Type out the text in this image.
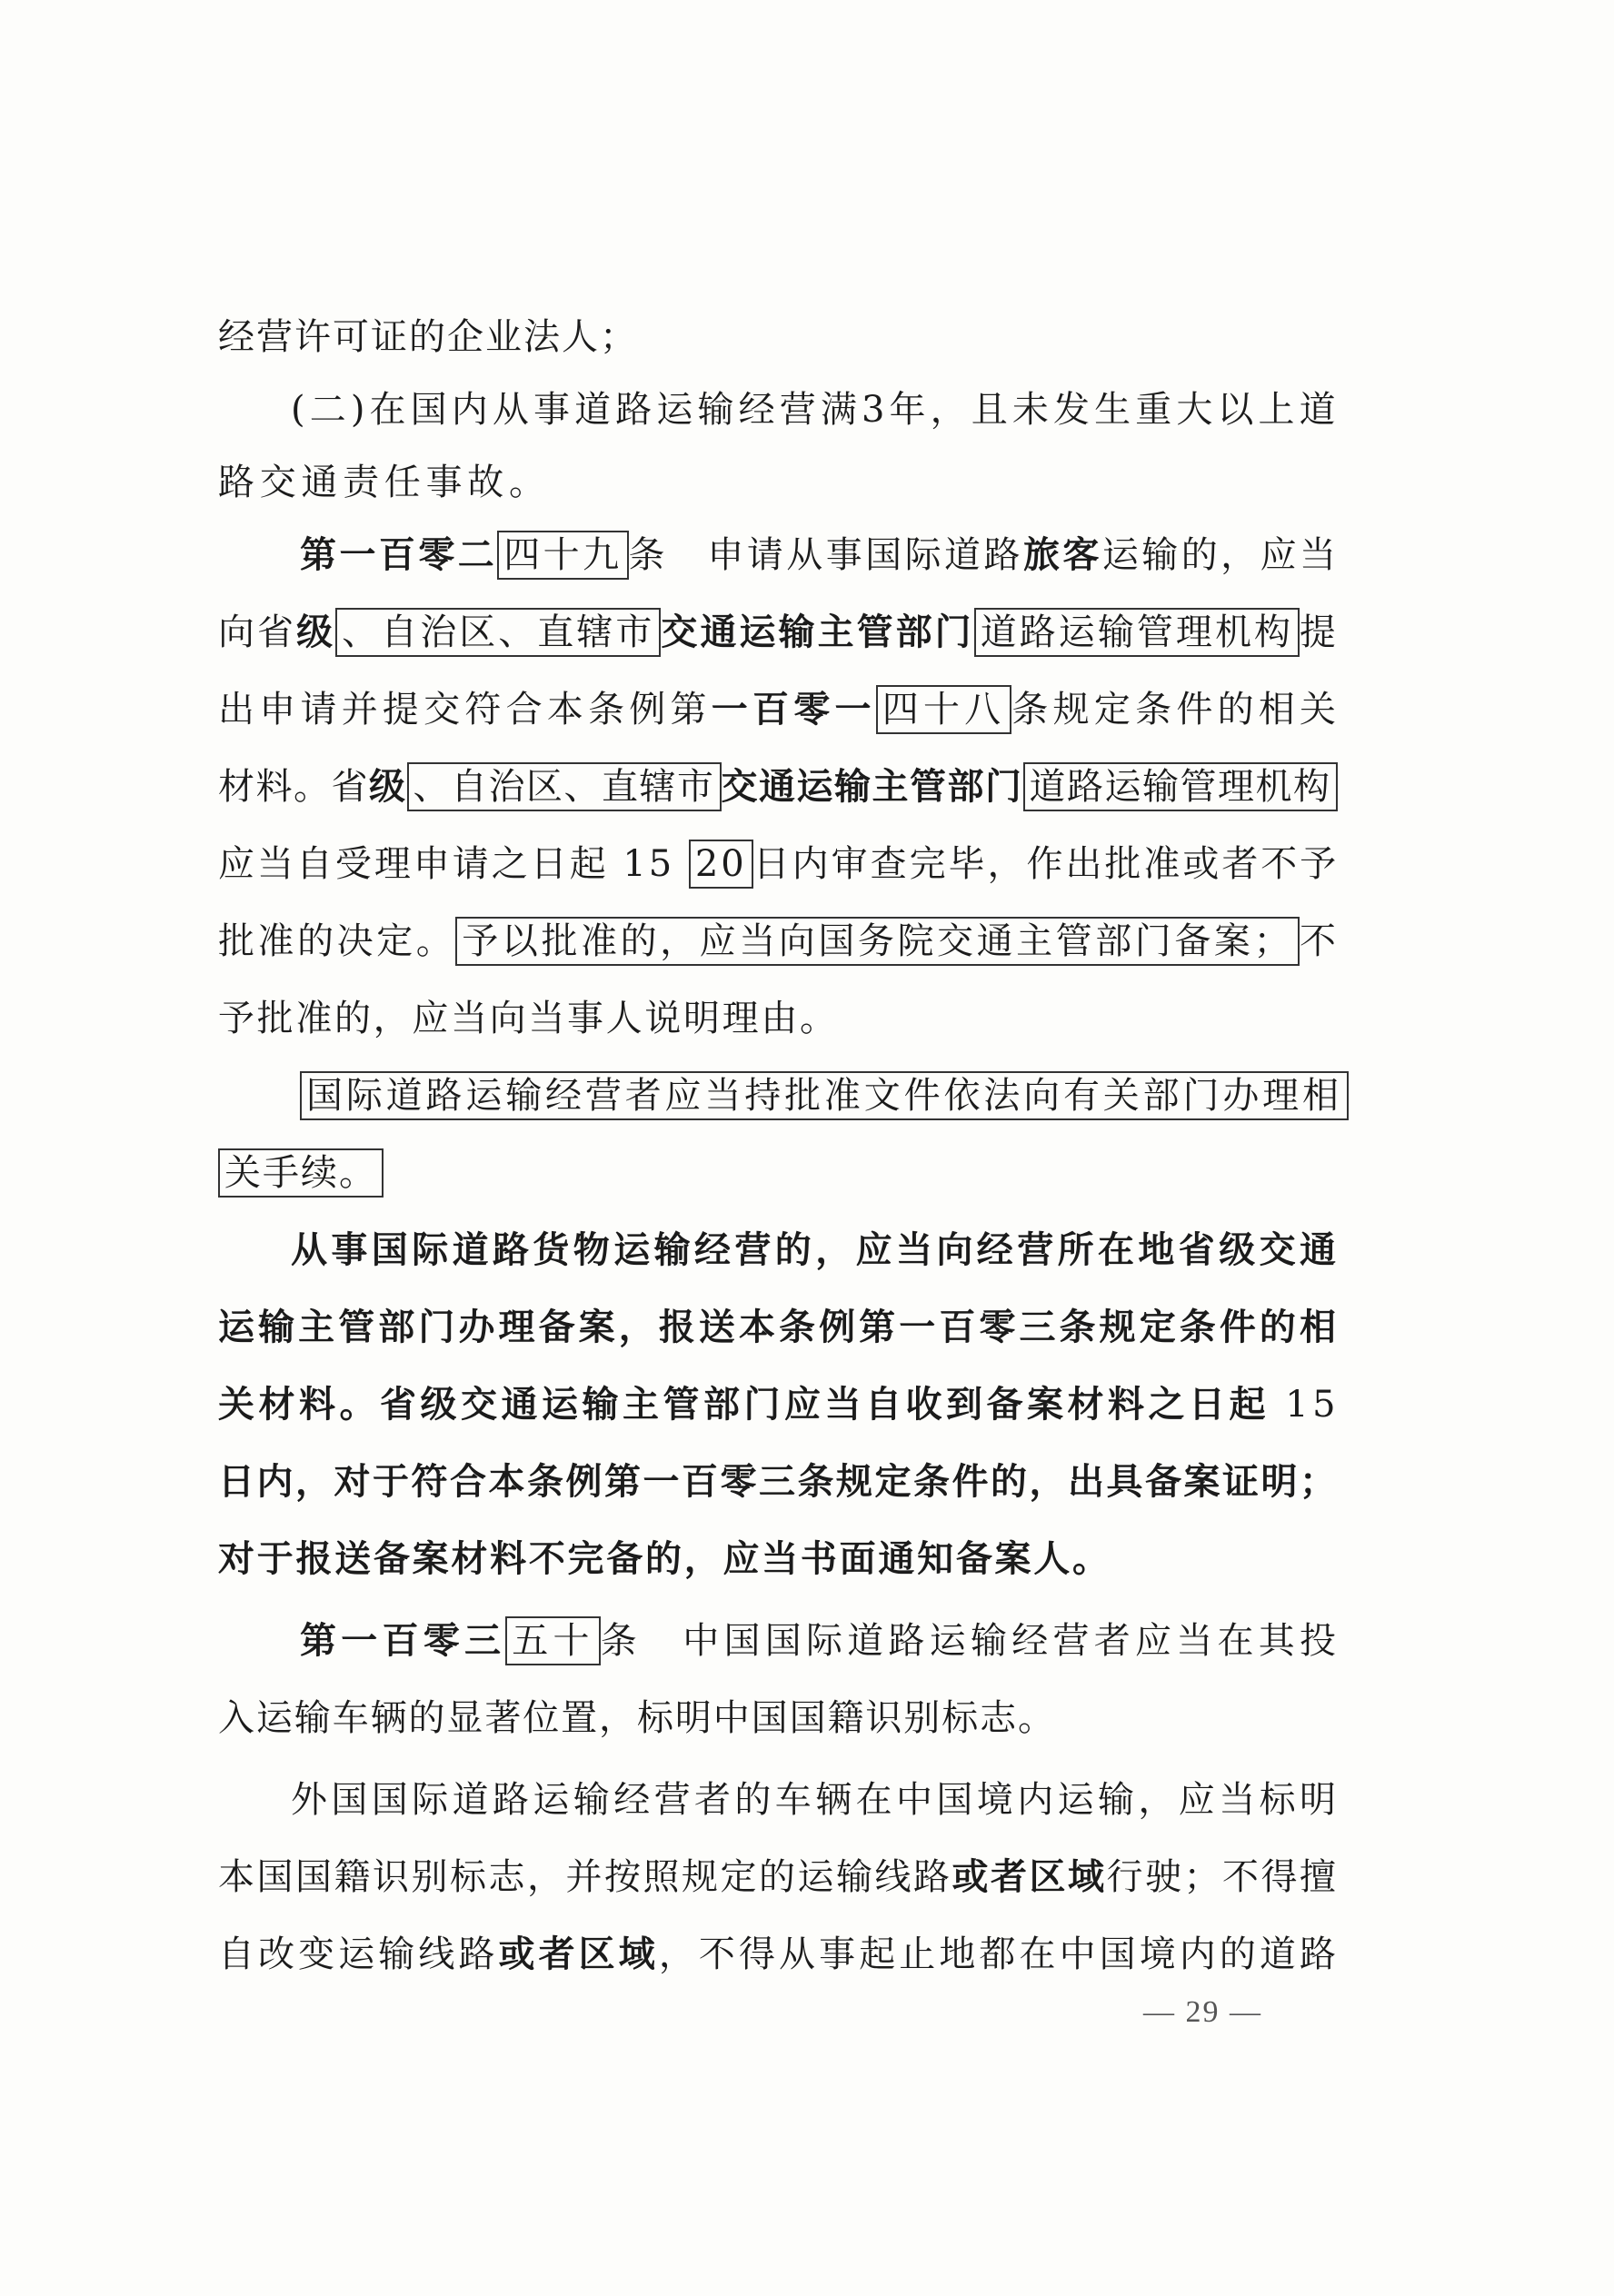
经营许可证的企业法人；
(二)在国内从事道路运输经营满3年，且未发生重大以上道
路交通责任事故。
第一百零二 四十九 条　申请从事国际道路旅客运输的，应当
向省级 、自治区、直辖市 交通运输主管部门 道路运输管理机构 提
出申请并提交符合本条例第一百零一 四十八 条规定条件的相关
材料。省级 、自治区、直辖市 交通运输主管部门 道路运输管理机构
应当自受理申请之日起 15 20 日内审查完毕，作出批准或者不予
批准的决定。 予以批准的，应当向国务院交通主管部门备案； 不
予批准的，应当向当事人说明理由。
国际道路运输经营者应当持批准文件依法向有关部门办理相
关手续。
从事国际道路货物运输经营的，应当向经营所在地省级交通
运输主管部门办理备案，报送本条例第一百零三条规定条件的相
关材料。省级交通运输主管部门应当自收到备案材料之日起 15
日内，对于符合本条例第一百零三条规定条件的，出具备案证明；
对于报送备案材料不完备的，应当书面通知备案人。
第一百零三 五十 条　中国国际道路运输经营者应当在其投
入运输车辆的显著位置，标明中国国籍识别标志。
外国国际道路运输经营者的车辆在中国境内运输，应当标明
本国国籍识别标志，并按照规定的运输线路或者区域行驶；不得擅
自改变运输线路或者区域，不得从事起止地都在中国境内的道路
— 29 —
